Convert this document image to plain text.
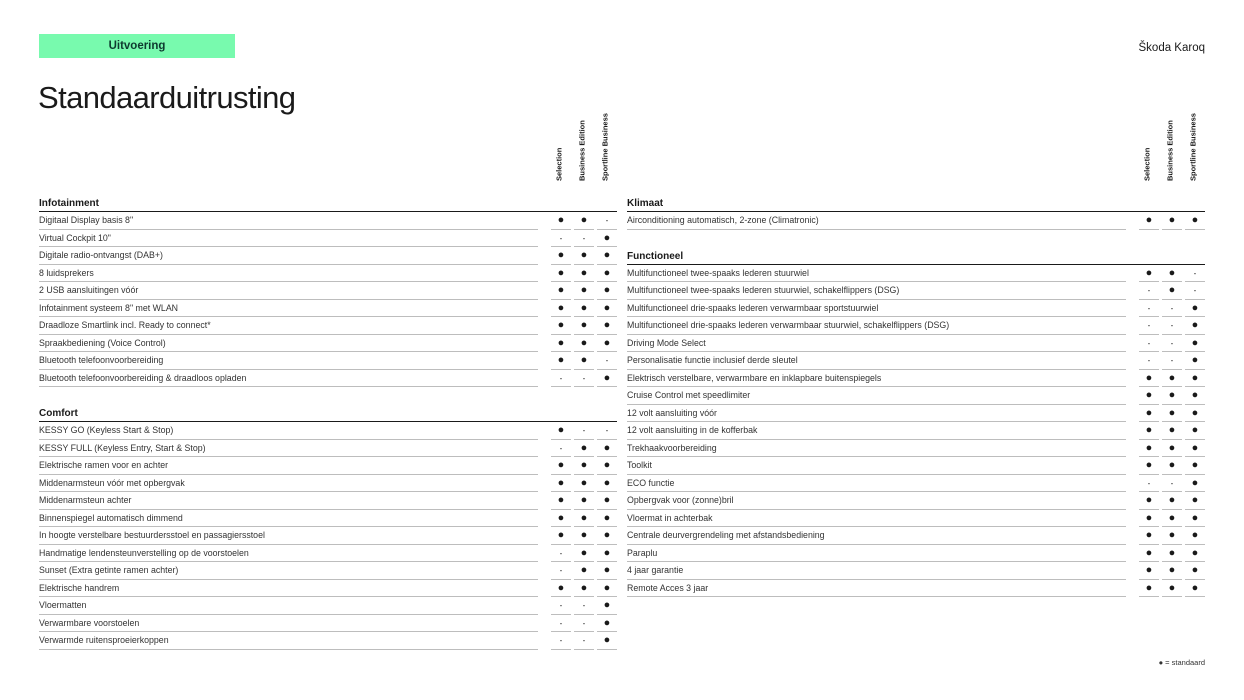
Uitvoering	Škoda Karoq
Standaarduitrusting
Selection Business Edition Sportline Business
Infotainment
Digitaal Display basis 8"	●	●	-
Virtual Cockpit 10"	-	-	●
Digitale radio-ontvangst (DAB+)	●	●	●
8 luidsprekers	●	●	●
2 USB aansluitingen vóór	●	●	●
Infotainment systeem 8" met WLAN	●	●	●
Draadloze Smartlink incl. Ready to connect*	●	●	●
Spraakbediening (Voice Control)	●	●	●
Bluetooth telefoonvoorbereiding	●	●	-
Bluetooth telefoonvoorbereiding & draadloos opladen	-	-	●
Comfort
KESSY GO (Keyless Start & Stop)	●	-	-
KESSY FULL (Keyless Entry, Start & Stop)	-	●	●
Elektrische ramen voor en achter	●	●	●
Middenarmsteun vóór met opbergvak	●	●	●
Middenarmsteun achter	●	●	●
Binnenspiegel automatisch dimmend	●	●	●
In hoogte verstelbare bestuurdersstoel en passagiersstoel	●	●	●
Handmatige lendensteunverstelling op de voorstoelen	-	●	●
Sunset (Extra getinte ramen achter)	-	●	●
Elektrische handrem	●	●	●
Vloermatten	-	-	●
Verwarmbare voorstoelen	-	-	●
Verwarmde ruitensproeierkoppen	-	-	●
Selection Business Edition Sportline Business
Klimaat
Airconditioning automatisch, 2-zone (Climatronic)	●	●	●
Functioneel
Multifunctioneel twee-spaaks lederen stuurwiel	●	●	-
Multifunctioneel twee-spaaks lederen stuurwiel, schakelflippers (DSG)	-	●	-
Multifunctioneel drie-spaaks lederen verwarmbaar sportstuurwiel	-	-	●
Multifunctioneel drie-spaaks lederen verwarmbaar stuurwiel, schakelflippers (DSG)	-	-	●
Driving Mode Select	-	-	●
Personalisatie functie inclusief derde sleutel	-	-	●
Elektrisch verstelbare, verwarmbare en inklapbare buitenspiegels	●	●	●
Cruise Control met speedlimiter	●	●	●
12 volt aansluiting vóór	●	●	●
12 volt aansluiting in de kofferbak	●	●	●
Trekhaakvoorbereiding	●	●	●
Toolkit	●	●	●
ECO functie	-	-	●
Opbergvak voor (zonne)bril	●	●	●
Vloermat in achterbak	●	●	●
Centrale deurvergrendeling met afstandsbediening	●	●	●
Paraplu	●	●	●
4 jaar garantie	●	●	●
Remote Acces 3 jaar	●	●	●
● = standaard
